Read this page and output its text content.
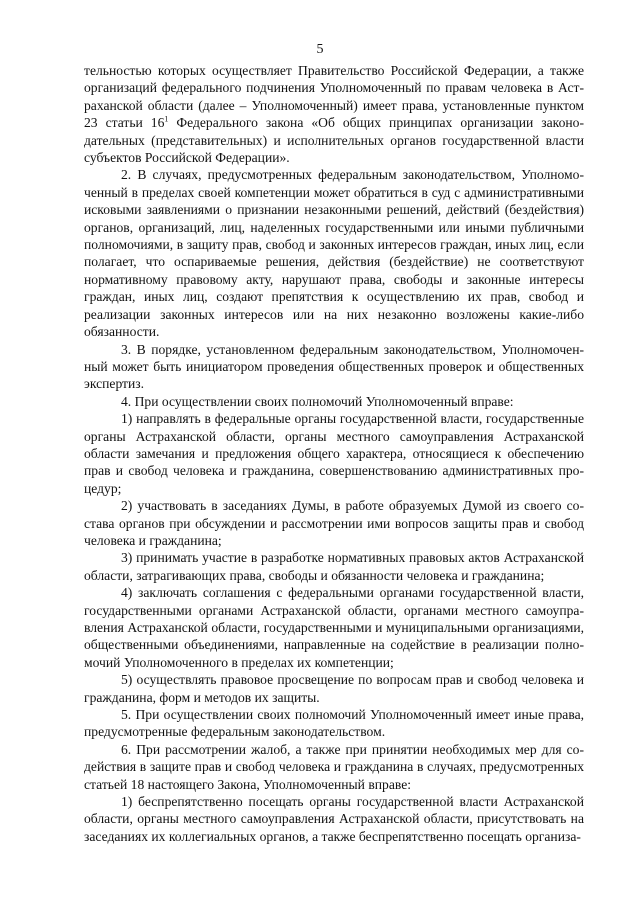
5

тельностью которых осуществляет Правительство Российской Федерации, а также организаций федерального подчинения Уполномоченный по правам человека в Астраханской области (далее – Уполномоченный) имеет права, установленные пунктом 23 статьи $16^1$ Федерального закона «Об общих принципах организации законодательных (представительных) и исполнительных органов государственной власти субъектов Российской Федерации».

2. В случаях, предусмотренных федеральным законодательством, Уполномоченный в пределах своей компетенции может обратиться в суд с административными исковыми заявлениями о признании незаконными решений, действий (бездействия) органов, организаций, лиц, наделенных государственными или иными публичными полномочиями, в защиту прав, свобод и законных интересов граждан, иных лиц, если полагает, что оспариваемые решения, действия (бездействие) не соответствуют нормативному правовому акту, нарушают права, свободы и законные интересы граждан, иных лиц, создают препятствия к осуществлению их прав, свобод и реализации законных интересов или на них незаконно возложены какие-либо обязанности.

3. В порядке, установленном федеральным законодательством, Уполномоченный может быть инициатором проведения общественных проверок и общественных экспертиз.

4. При осуществлении своих полномочий Уполномоченный вправе:

1) направлять в федеральные органы государственной власти, государственные органы Астраханской области, органы местного самоуправления Астраханской области замечания и предложения общего характера, относящиеся к обеспечению прав и свобод человека и гражданина, совершенствованию административных процедур;

2) участвовать в заседаниях Думы, в работе образуемых Думой из своего состава органов при обсуждении и рассмотрении ими вопросов защиты прав и свобод человека и гражданина;

3) принимать участие в разработке нормативных правовых актов Астраханской области, затрагивающих права, свободы и обязанности человека и гражданина;

4) заключать соглашения с федеральными органами государственной власти, государственными органами Астраханской области, органами местного самоуправления Астраханской области, государственными и муниципальными организациями, общественными объединениями, направленные на содействие в реализации полномочий Уполномоченного в пределах их компетенции;

5) осуществлять правовое просвещение по вопросам прав и свобод человека и гражданина, форм и методов их защиты.

5. При осуществлении своих полномочий Уполномоченный имеет иные права, предусмотренные федеральным законодательством.

6. При рассмотрении жалоб, а также при принятии необходимых мер для содействия в защите прав и свобод человека и гражданина в случаях, предусмотренных статьей 18 настоящего Закона, Уполномоченный вправе:

1) беспрепятственно посещать органы государственной власти Астраханской области, органы местного самоуправления Астраханской области, присутствовать на заседаниях их коллегиальных органов, а также беспрепятственно посещать организа-
